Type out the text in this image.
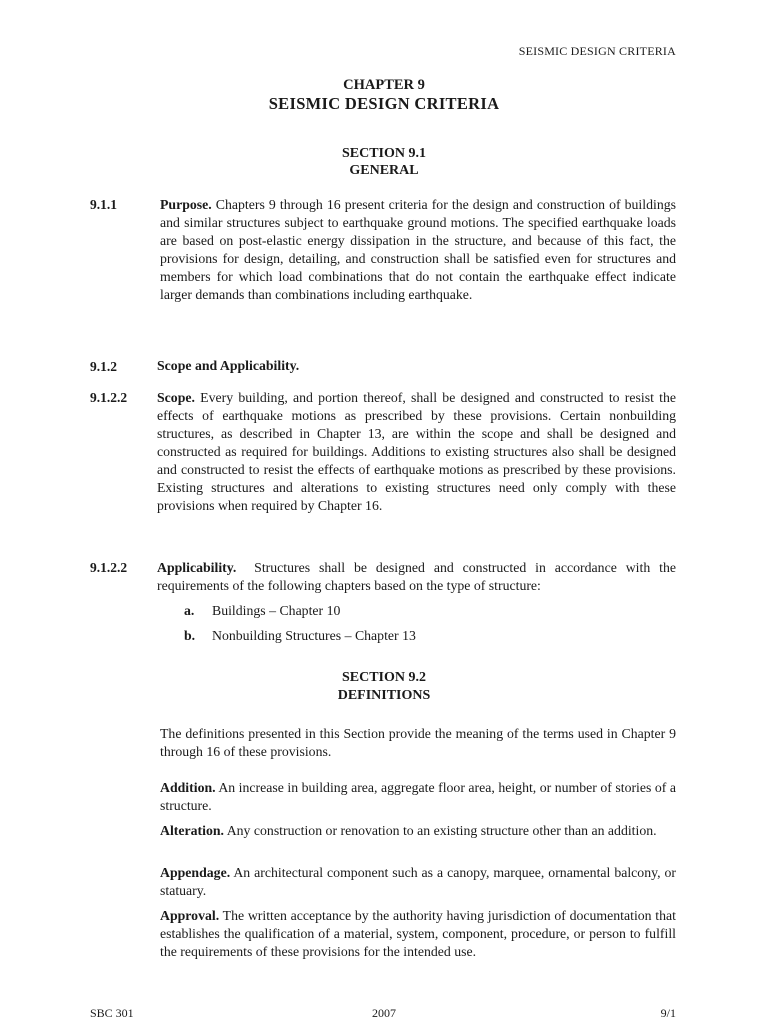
SEISMIC DESIGN CRITERIA
CHAPTER 9
SEISMIC DESIGN CRITERIA
SECTION 9.1
GENERAL
9.1.1	Purpose. Chapters 9 through 16 present criteria for the design and construction of buildings and similar structures subject to earthquake ground motions. The specified earthquake loads are based on post-elastic energy dissipation in the structure, and because of this fact, the provisions for design, detailing, and construction shall be satisfied even for structures and members for which load combinations that do not contain the earthquake effect indicate larger demands than combinations including earthquake.
9.1.2	Scope and Applicability.
9.1.2.2 Scope. Every building, and portion thereof, shall be designed and constructed to resist the effects of earthquake motions as prescribed by these provisions. Certain nonbuilding structures, as described in Chapter 13, are within the scope and shall be designed and constructed as required for buildings. Additions to existing structures also shall be designed and constructed to resist the effects of earthquake motions as prescribed by these provisions. Existing structures and alterations to existing structures need only comply with these provisions when required by Chapter 16.
9.1.2.2 Applicability.  Structures shall be designed and constructed in accordance with the requirements of the following chapters based on the type of structure:
a. Buildings – Chapter 10
b. Nonbuilding Structures – Chapter 13
SECTION 9.2
DEFINITIONS
The definitions presented in this Section provide the meaning of the terms used in Chapter 9 through 16 of these provisions.
Addition. An increase in building area, aggregate floor area, height, or number of stories of a structure.
Alteration. Any construction or renovation to an existing structure other than an addition.
Appendage. An architectural component such as a canopy, marquee, ornamental balcony, or statuary.
Approval. The written acceptance by the authority having jurisdiction of documentation that establishes the qualification of a material, system, component, procedure, or person to fulfill the requirements of these provisions for the intended use.
SBC 301	2007	9/1
